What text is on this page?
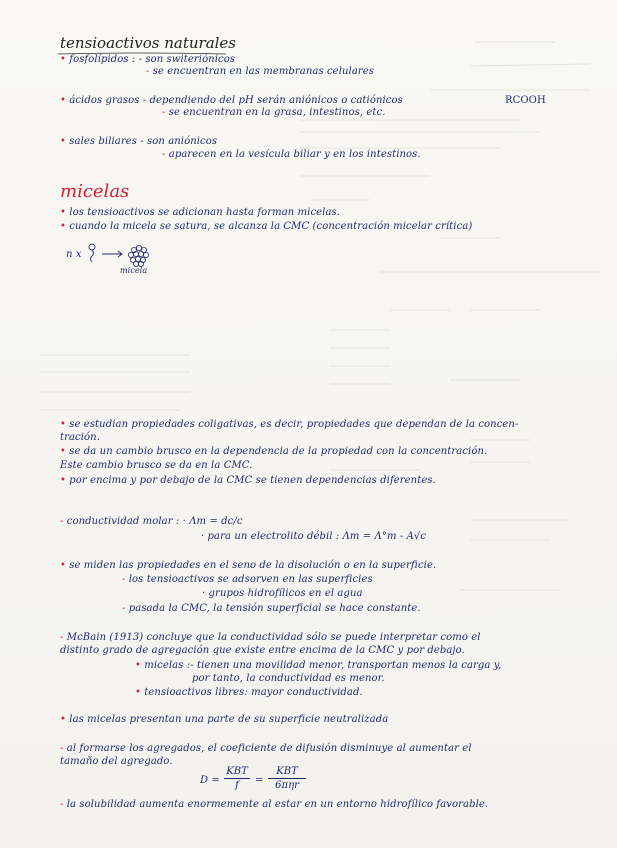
tensioactivos naturales
• fosfolípidos : - son switeriónicos
- se encuentran en las membranas celulares
• ácidos grasos - dependiendo del pH serán aniónicos o catiónicos	RCOOH
- se encuentran en la grasa, intestinos, etc.
• sales biliares - son aniónicos
- aparecen en la vesícula biliar y en los intestinos.
micelas
• los tensioactivos se adicionan hasta forman micelas.
• cuando la micela se satura, se alcanza la CMC (concentración micelar crítica)
n x
micela
• se estudian propiedades coligativas, es decir, propiedades que dependan de la concen-
tración.
• se da un cambio brusco en la dependencia de la propiedad con la concentración.
Este cambio brusco se da en la CMC.
• por encima y por debajo de la CMC se tienen dependencias diferentes.
- conductividad molar : · Λm = dc/c
· para un electrolito débil : Λm = Λ°m - A√c
• se miden las propiedades en el seno de la disolución o en la superficie.
- los tensioactivos se adsorven en las superficies
· grupos hidrofílicos en el agua
- pasada la CMC, la tensión superficial se hace constante.
- McBain (1913) concluye que la conductividad sólo se puede interpretar como el
distinto grado de agregación que existe entre encima de la CMC y por debajo.
• micelas :- tienen una movilidad menor, transportan menos la carga y,
por tanto, la conductividad es menor.
• tensioactivos libres: mayor conductividad.
• las micelas presentan una parte de su superficie neutralizada
- al formarse los agregados, el coeficiente de difusión disminuye al aumentar el
tamaño del agregado.
D =
KBT
f	=
KBT
6πηr
- la solubilidad aumenta enormemente al estar en un entorno hidrofílico favorable.
